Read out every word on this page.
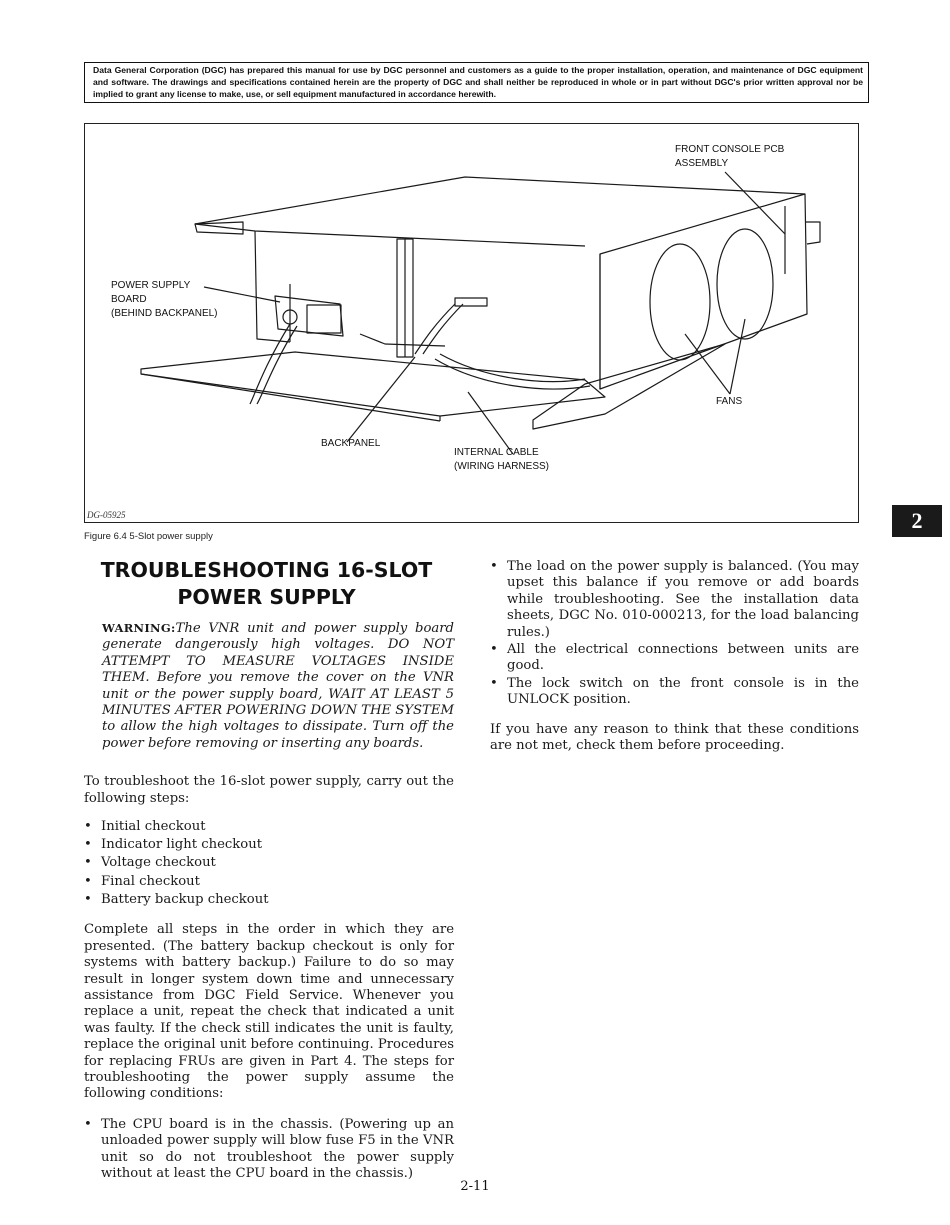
Data General Corporation (DGC) has prepared this manual for use by DGC personnel and customers as a guide to the proper installation, operation, and maintenance of DGC equipment and software. The drawings and specifications contained herein are the property of DGC and shall neither be reproduced in whole or in part without DGC's prior written approval nor be implied to grant any license to make, use, or sell equipment manufactured in accordance herewith.
FRONT CONSOLE PCB
ASSEMBLY
POWER SUPPLY
BOARD
(BEHIND BACKPANEL)
FANS
BACKPANEL
INTERNAL CABLE
(WIRING HARNESS)
DG-05925
Figure 6.4 5-Slot power supply
2
TROUBLESHOOTING 16-SLOT POWER SUPPLY

WARNING:The VNR unit and power supply board generate dangerously high voltages. DO NOT ATTEMPT TO MEASURE VOLTAGES INSIDE THEM. Before you remove the cover on the VNR unit or the power supply board, WAIT AT LEAST 5 MINUTES AFTER POWERING DOWN THE SYSTEM to allow the high voltages to dissipate. Turn off the power before removing or inserting any boards.

To troubleshoot the 16-slot power supply, carry out the following steps:

• Initial checkout
• Indicator light checkout
• Voltage checkout
• Final checkout
• Battery backup checkout

Complete all steps in the order in which they are presented. (The battery backup checkout is only for systems with battery backup.) Failure to do so may result in longer system down time and unnecessary assistance from DGC Field Service. Whenever you replace a unit, repeat the check that indicated a unit was faulty. If the check still indicates the unit is faulty, replace the original unit before continuing. Procedures for replacing FRUs are given in Part 4. The steps for troubleshooting the power supply assume the following conditions:

• The CPU board is in the chassis. (Powering up an unloaded power supply will blow fuse F5 in the VNR unit so do not troubleshoot the power supply without at least the CPU board in the chassis.)
• The load on the power supply is balanced. (You may upset this balance if you remove or add boards while troubleshooting. See the installation data sheets, DGC No. 010-000213, for the load balancing rules.)
• All the electrical connections between units are good.
• The lock switch on the front console is in the UNLOCK position.

If you have any reason to think that these conditions are not met, check them before proceeding.

2-11
